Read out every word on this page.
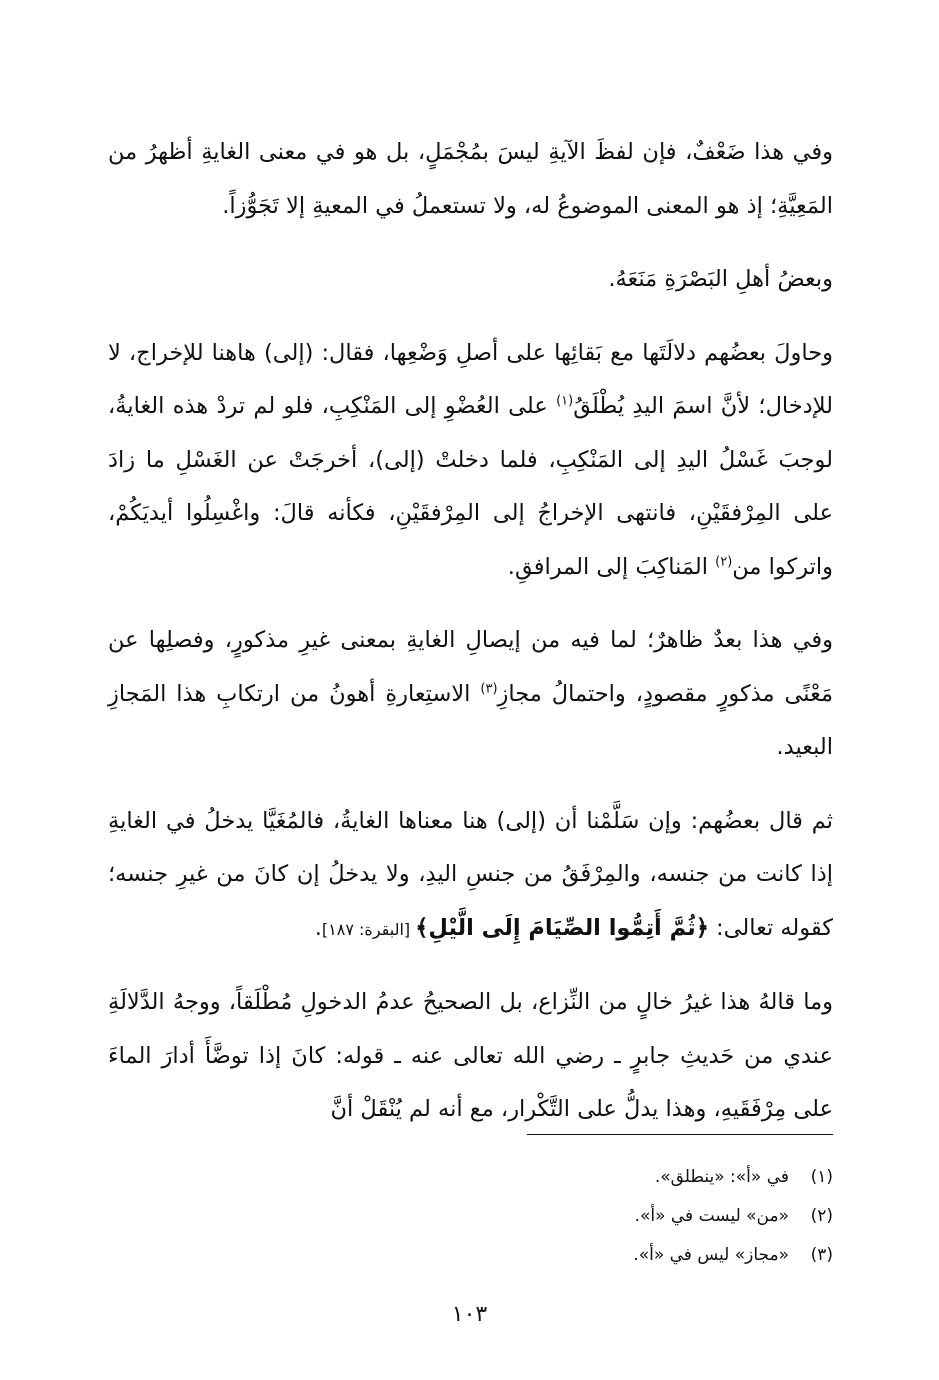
وفي هذا ضَعْفٌ، فإن لفظَ الآيةِ ليسَ بمُجْمَلٍ، بل هو في معنى الغايةِ أظهرُ من المَعِيَّةِ؛ إذ هو المعنى الموضوعُ له، ولا تستعملُ في المعيةِ إلا تَجَوُّزاً.

وبعضُ أهلِ البَصْرَةِ مَنَعَهُ.

وحاولَ بعضُهم دلالَتَها مع بَقائِها على أصلِ وَضْعِها، فقال: (إلى) هاهنا للإخراج، لا للإدخال؛ لأنَّ اسمَ اليدِ يُطْلَقُ$^{(١)}$ على العُضْوِ إلى المَنْكِبِ، فلو لم تردْ هذه الغايةُ، لوجبَ غَسْلُ اليدِ إلى المَنْكِبِ، فلما دخلتْ (إلى)، أخرجَتْ عن الغَسْلِ ما زادَ على المِرْفقَيْنِ، فانتهى الإخراجُ إلى المِرْفقَيْنِ، فكأنه قالَ: واغْسِلُوا أيديَكُمْ، واتركوا من$^{(٢)}$ المَناكِبَ إلى المرافقِ.

وفي هذا بعدٌ ظاهرٌ؛ لما فيه من إيصالِ الغايةِ بمعنى غيرِ مذكورٍ، وفصلِها عن مَعْنًى مذكورٍ مقصودٍ، واحتمالُ مجازِ$^{(٣)}$ الاستِعارةِ أهونُ من ارتكابِ هذا المَجازِ البعيد.

ثم قال بعضُهم: وإن سَلَّمْنا أن (إلى) هنا معناها الغايةُ، فالمُغَيَّا يدخلُ في الغايةِ إذا كانت من جنسه، والمِرْفَقُ من جنسِ اليدِ، ولا يدخلُ إن كانَ من غيرِ جنسه؛ كقوله تعالى: ﴿ثُمَّ أَتِمُّوا الصِّيَامَ إِلَى الَّيْلِ﴾ [البقرة: ١٨٧].

وما قالهُ هذا غيرُ خالٍ من النِّزاع، بل الصحيحُ عدمُ الدخولِ مُطْلَقاً، ووجهُ الدَّلالَةِ عندي من حَديثِ جابرٍ ـ رضي الله تعالى عنه ـ قوله: كانَ إذا توضَّأَ أدارَ الماءَ على مِرْفَقَيهِ، وهذا يدلُّ على التَّكْرار، مع أنه لم يُنْقَلْ أنَّ

(١)في «أ»: «ينطلق».
(٢)«من» ليست في «أ».
(٣)«مجاز» ليس في «أ».
١٠٣
